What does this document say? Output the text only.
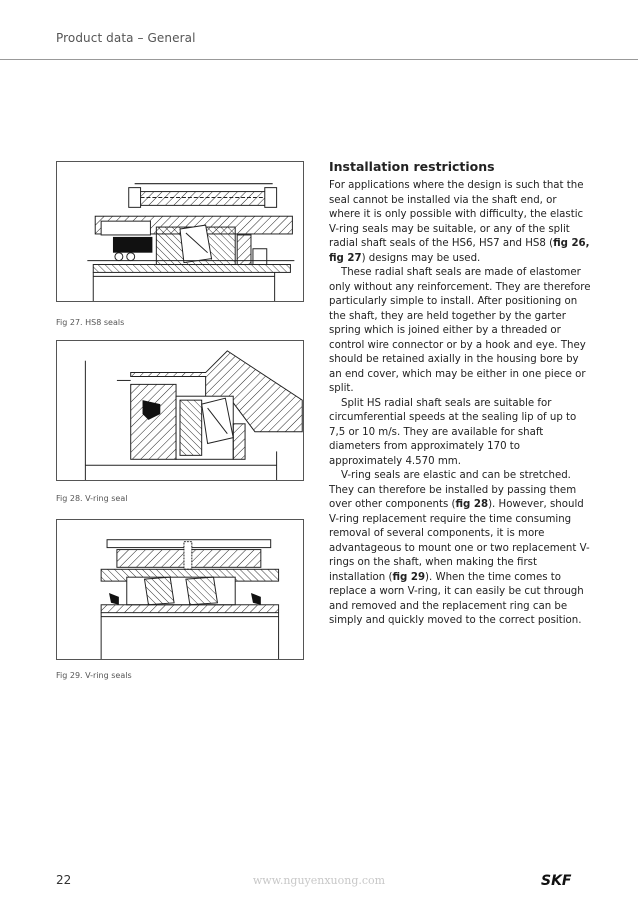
Product data – General
Fig 27. HS8 seals
Fig 28. V-ring seal
Fig 29. V-ring seals
Installation restrictions

For applications where the design is such that the seal cannot be installed via the shaft end, or where it is only possible with difficulty, the elastic V-ring seals may be suitable, or any of the split radial shaft seals of the HS6, HS7 and HS8 (fig 26, fig 27) designs may be used.

These radial shaft seals are made of elastomer only without any reinforcement. They are therefore particularly simple to install. After positioning on the shaft, they are held together by the garter spring which is joined either by a threaded or control wire connector or by a hook and eye. They should be retained axially in the housing bore by an end cover, which may be either in one piece or split.

Split HS radial shaft seals are suitable for circumferential speeds at the sealing lip of up to 7,5 or 10 m/s. They are available for shaft diameters from approximately 170 to approximately 4.570 mm.

V-ring seals are elastic and can be stretched. They can therefore be installed by passing them over other components (fig 28). However, should V-ring replacement require the time consuming removal of several components, it is more advantageous to mount one or two replacement V-rings on the shaft, when making the first installation (fig 29). When the time comes to replace a worn V-ring, it can easily be cut through and removed and the replacement ring can be simply and quickly moved to the correct position.

22	www.nguyenxuong.com	SKF
